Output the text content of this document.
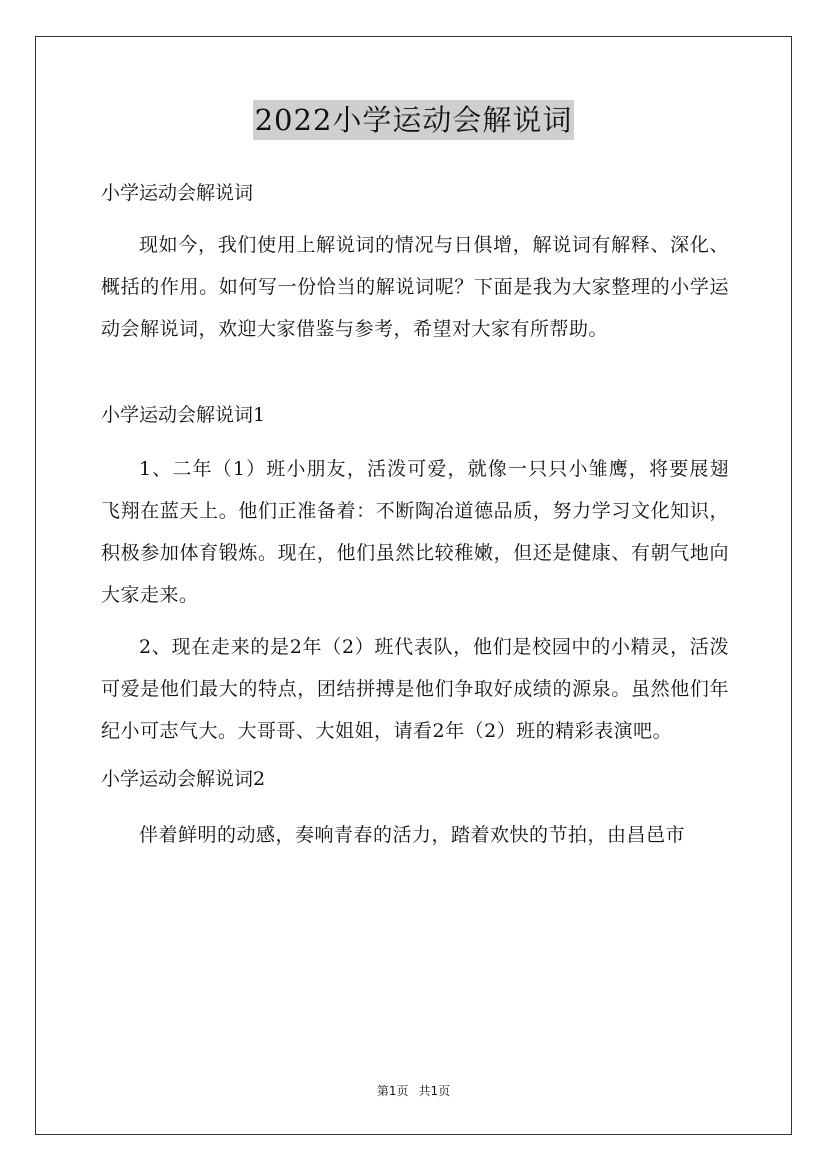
2022小学运动会解说词
小学运动会解说词
现如今，我们使用上解说词的情况与日俱增，解说词有解释、深化、概括的作用。如何写一份恰当的解说词呢？下面是我为大家整理的小学运动会解说词，欢迎大家借鉴与参考，希望对大家有所帮助。
小学运动会解说词1
1、二年（1）班小朋友，活泼可爱，就像一只只小雏鹰，将要展翅飞翔在蓝天上。他们正准备着：不断陶冶道德品质，努力学习文化知识，积极参加体育锻炼。现在，他们虽然比较稚嫩，但还是健康、有朝气地向大家走来。
2、现在走来的是2年（2）班代表队，他们是校园中的小精灵，活泼可爱是他们最大的特点，团结拼搏是他们争取好成绩的源泉。虽然他们年纪小可志气大。大哥哥、大姐姐，请看2年（2）班的精彩表演吧。
小学运动会解说词2
伴着鲜明的动感，奏响青春的活力，踏着欢快的节拍，由昌邑市
第1页 共1页
